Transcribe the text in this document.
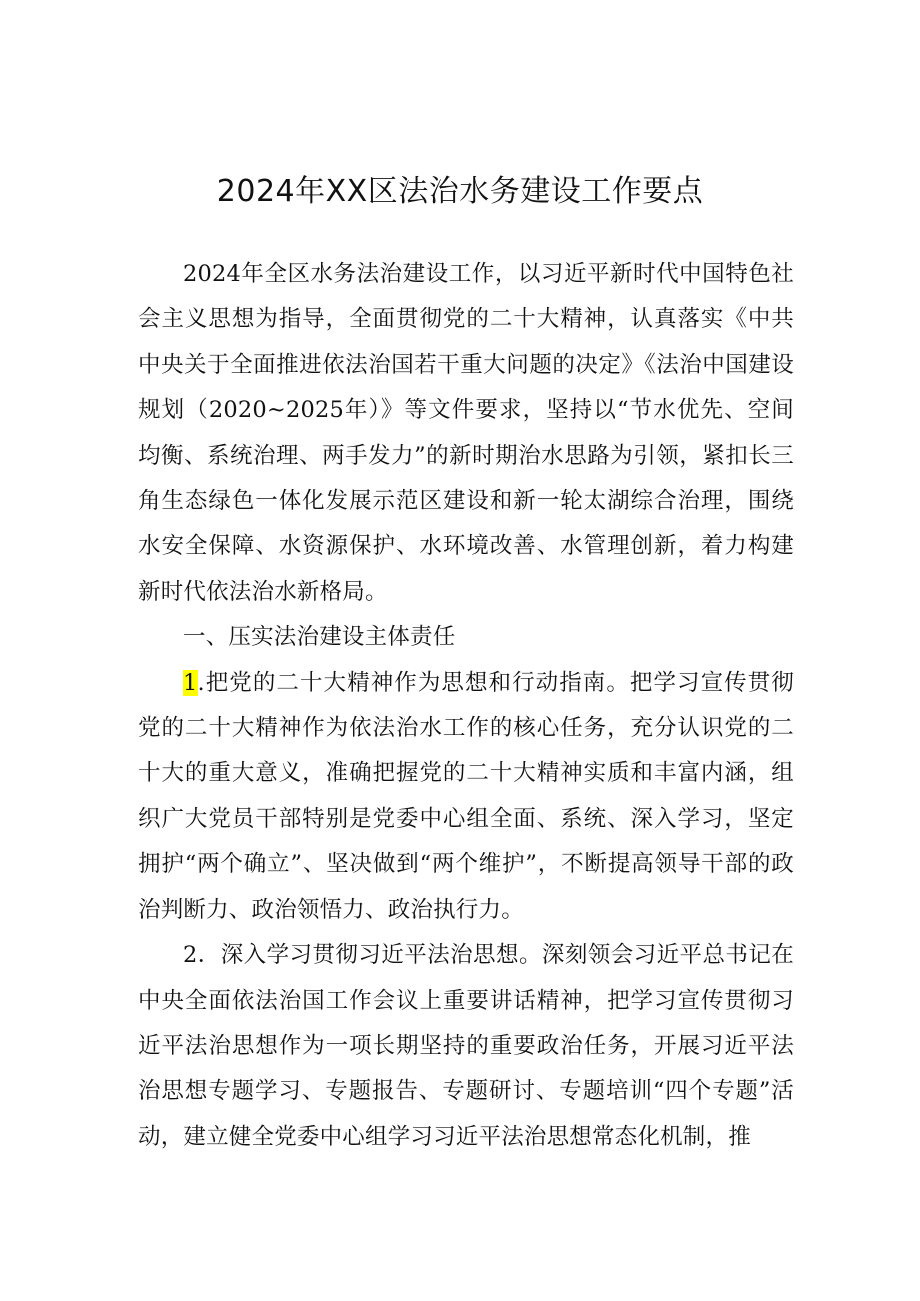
2024年XX区法治水务建设工作要点

2024年全区水务法治建设工作，以习近平新时代中国特色社会主义思想为指导，全面贯彻党的二十大精神，认真落实《中共中央关于全面推进依法治国若干重大问题的决定》《法治中国建设规划（2020~2025年）》等文件要求，坚持以“节水优先、空间均衡、系统治理、两手发力”的新时期治水思路为引领，紧扣长三角生态绿色一体化发展示范区建设和新一轮太湖综合治理，围绕水安全保障、水资源保护、水环境改善、水管理创新，着力构建新时代依法治水新格局。

一、压实法治建设主体责任

1.把党的二十大精神作为思想和行动指南。把学习宣传贯彻党的二十大精神作为依法治水工作的核心任务，充分认识党的二十大的重大意义，准确把握党的二十大精神实质和丰富内涵，组织广大党员干部特别是党委中心组全面、系统、深入学习，坚定拥护“两个确立”、坚决做到“两个维护”，不断提高领导干部的政治判断力、政治领悟力、政治执行力。

2．深入学习贯彻习近平法治思想。深刻领会习近平总书记在中央全面依法治国工作会议上重要讲话精神，把学习宣传贯彻习近平法治思想作为一项长期坚持的重要政治任务，开展习近平法治思想专题学习、专题报告、专题研讨、专题培训“四个专题”活动，建立健全党委中心组学习习近平法治思想常态化机制，推
